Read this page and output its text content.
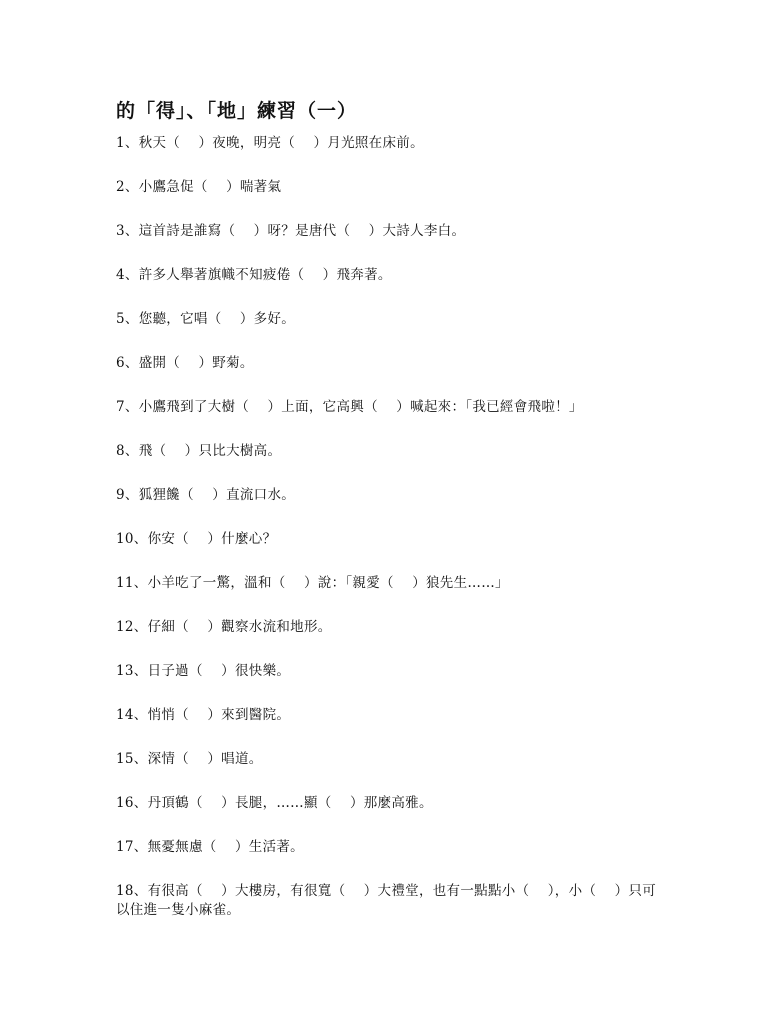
的「得」、「地」練習（一）
1、秋天（　 ）夜晚，明亮（　 ）月光照在床前。
2、小鷹急促（　 ）喘著氣
3、這首詩是誰寫（　 ）呀？是唐代（　 ）大詩人李白。
4、許多人舉著旗幟不知疲倦（　 ）飛奔著。
5、您聽，它唱（　 ）多好。
6、盛開（　 ）野菊。
7、小鷹飛到了大樹（　 ）上面，它高興（　 ）喊起來：「我已經會飛啦！」
8、飛（　 ）只比大樹高。
9、狐狸饞（　 ）直流口水。
10、你安（　 ）什麼心？
11、小羊吃了一驚，溫和（　 ）說：「親愛（　 ）狼先生……」
12、仔細（　 ）觀察水流和地形。
13、日子過（　 ）很快樂。
14、悄悄（　 ）來到醫院。
15、深情（　 ）唱道。
16、丹頂鶴（　 ）長腿，……顯（　 ）那麼高雅。
17、無憂無慮（　 ）生活著。
18、有很高（　 ）大樓房，有很寬（　 ）大禮堂，也有一點點小（　 ），小（　 ）只可以住進一隻小麻雀。
